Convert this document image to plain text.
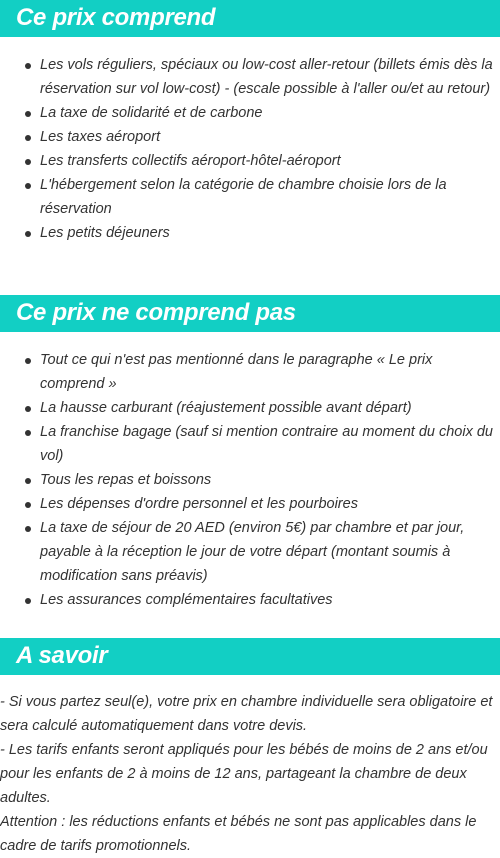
Ce prix comprend
Les vols réguliers, spéciaux ou low-cost aller-retour (billets émis dès la réservation sur vol low-cost) - (escale possible à l'aller ou/et au retour)
La taxe de solidarité et de carbone
Les taxes aéroport
Les transferts collectifs aéroport-hôtel-aéroport
L'hébergement selon la catégorie de chambre choisie lors de la réservation
Les petits déjeuners
Ce prix ne comprend pas
Tout ce qui n'est pas mentionné dans le paragraphe « Le prix comprend »
La hausse carburant (réajustement possible avant départ)
La franchise bagage (sauf si mention contraire au moment du choix du vol)
Tous les repas et boissons
Les dépenses d'ordre personnel et les pourboires
La taxe de séjour de 20 AED (environ 5€) par chambre et par jour, payable à la réception le jour de votre départ (montant soumis à modification sans préavis)
Les assurances complémentaires facultatives
A savoir

- Si vous partez seul(e), votre prix en chambre individuelle sera obligatoire et sera calculé automatiquement dans votre devis.

- Les tarifs enfants seront appliqués pour les bébés de moins de 2 ans et/ou pour les enfants de 2 à moins de 12 ans, partageant la chambre de deux adultes.

Attention : les réductions enfants et bébés ne sont pas applicables dans le cadre de tarifs promotionnels.
